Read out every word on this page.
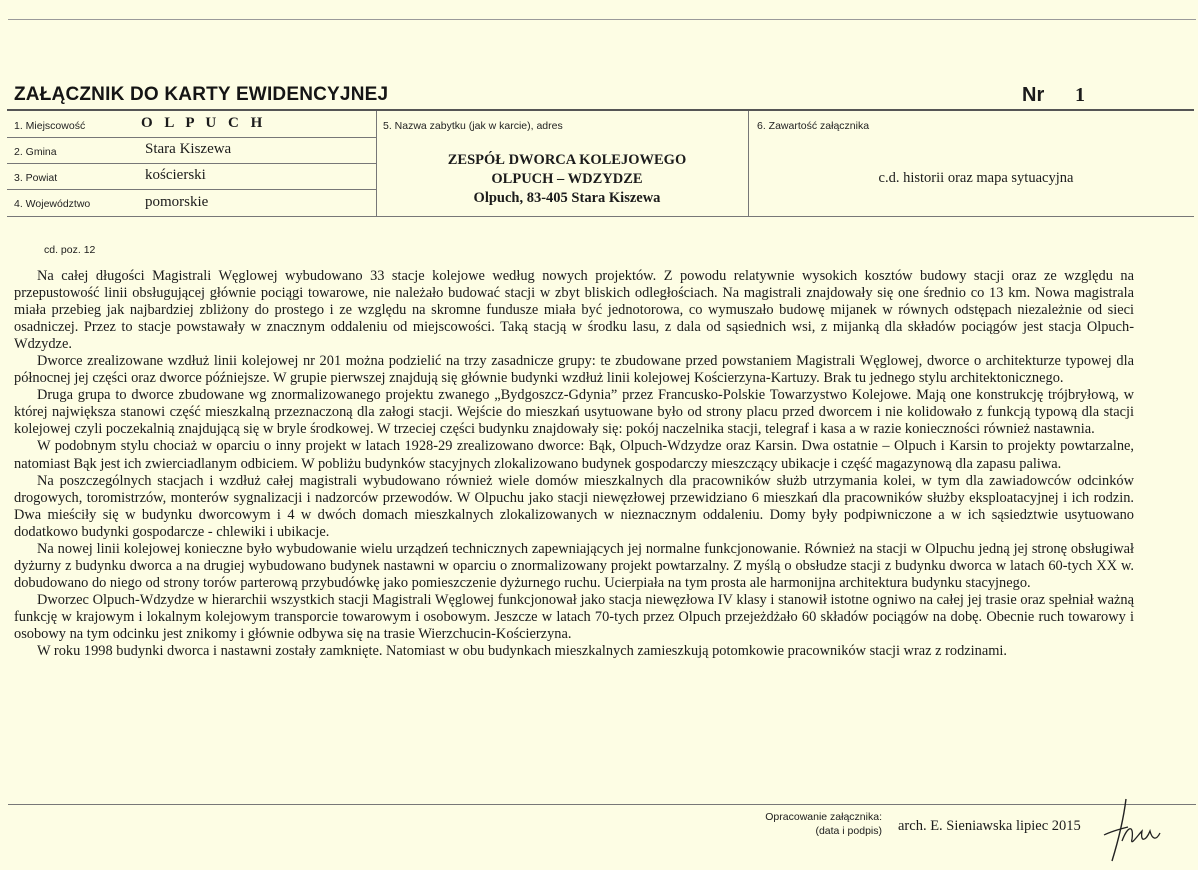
ZAŁĄCZNIK DO KARTY EWIDENCYJNEJ	Nr 1
1. Miejscowość	O L P U C H
2. Gmina	Stara Kiszewa
3. Powiat	kościerski
4. Województwo	pomorskie
5. Nazwa zabytku (jak w karcie), adres
ZESPÓŁ DWORCA KOLEJOWEGO
OLPUCH – WDZYDZE
Olpuch, 83-405 Stara Kiszewa
6. Zawartość załącznika
c.d. historii oraz mapa sytuacyjna
cd. poz. 12

Na całej długości Magistrali Węglowej wybudowano 33 stacje kolejowe według nowych projektów. Z powodu relatywnie wysokich kosztów budowy stacji oraz ze względu na przepustowość linii obsługującej głównie pociągi towarowe, nie należało budować stacji w zbyt bliskich odległościach. Na magistrali znajdowały się one średnio co 13 km. Nowa magistrala miała przebieg jak najbardziej zbliżony do prostego i ze względu na skromne fundusze miała być jednotorowa, co wymuszało budowę mijanek w równych odstępach niezależnie od sieci osadniczej. Przez to stacje powstawały w znacznym oddaleniu od miejscowości. Taką stacją w środku lasu, z dala od sąsiednich wsi, z mijanką dla składów pociągów jest stacja Olpuch-Wdzydze.

Dworce zrealizowane wzdłuż linii kolejowej nr 201 można podzielić na trzy zasadnicze grupy: te zbudowane przed powstaniem Magistrali Węglowej, dworce o architekturze typowej dla północnej jej części oraz dworce późniejsze. W grupie pierwszej znajdują się głównie budynki wzdłuż linii kolejowej Kościerzyna-Kartuzy. Brak tu jednego stylu architektonicznego.

Druga grupa to dworce zbudowane wg znormalizowanego projektu zwanego „Bydgoszcz-Gdynia” przez Francusko-Polskie Towarzystwo Kolejowe. Mają one konstrukcję trójbryłową, w której największa stanowi część mieszkalną przeznaczoną dla załogi stacji. Wejście do mieszkań usytuowane było od strony placu przed dworcem i nie kolidowało z funkcją typową dla stacji kolejowej czyli poczekalnią znajdującą się w bryle środkowej. W trzeciej części budynku znajdowały się: pokój naczelnika stacji, telegraf i kasa a w razie konieczności również nastawnia.

W podobnym stylu chociaż w oparciu o inny projekt w latach 1928-29 zrealizowano dworce: Bąk, Olpuch-Wdzydze oraz Karsin. Dwa ostatnie – Olpuch i Karsin to projekty powtarzalne, natomiast Bąk jest ich zwierciadlanym odbiciem. W pobliżu budynków stacyjnych zlokalizowano budynek gospodarczy mieszczący ubikacje i część magazynową dla zapasu paliwa.

Na poszczególnych stacjach i wzdłuż całej magistrali wybudowano również wiele domów mieszkalnych dla pracowników służb utrzymania kolei, w tym dla zawiadowców odcinków drogowych, toromistrzów, monterów sygnalizacji i nadzorców przewodów. W Olpuchu jako stacji niewęzłowej przewidziano 6 mieszkań dla pracowników służby eksploatacyjnej i ich rodzin. Dwa mieściły się w budynku dworcowym i 4 w dwóch domach mieszkalnych zlokalizowanych w nieznacznym oddaleniu. Domy były podpiwniczone a w ich sąsiedztwie usytuowano dodatkowo budynki gospodarcze - chlewiki i ubikacje.

Na nowej linii kolejowej konieczne było wybudowanie wielu urządzeń technicznych zapewniających jej normalne funkcjonowanie. Również na stacji w Olpuchu jedną jej stronę obsługiwał dyżurny z budynku dworca a na drugiej wybudowano budynek nastawni w oparciu o znormalizowany projekt powtarzalny. Z myślą o obsłudze stacji z budynku dworca w latach 60-tych XX w. dobudowano do niego od strony torów parterową przybudówkę jako pomieszczenie dyżurnego ruchu. Ucierpiała na tym prosta ale harmonijna architektura budynku stacyjnego.

Dworzec Olpuch-Wdzydze w hierarchii wszystkich stacji Magistrali Węglowej funkcjonował jako stacja niewęzłowa IV klasy i stanowił istotne ogniwo na całej jej trasie oraz spełniał ważną funkcję w krajowym i lokalnym kolejowym transporcie towarowym i osobowym. Jeszcze w latach 70-tych przez Olpuch przejeżdżało 60 składów pociągów na dobę. Obecnie ruch towarowy i osobowy na tym odcinku jest znikomy i głównie odbywa się na trasie Wierzchucin-Kościerzyna.

W roku 1998 budynki dworca i nastawni zostały zamknięte. Natomiast w obu budynkach mieszkalnych zamieszkują potomkowie pracowników stacji wraz z rodzinami.

Opracowanie załącznika:
(data i podpis) arch. E. Sieniawska lipiec 2015
